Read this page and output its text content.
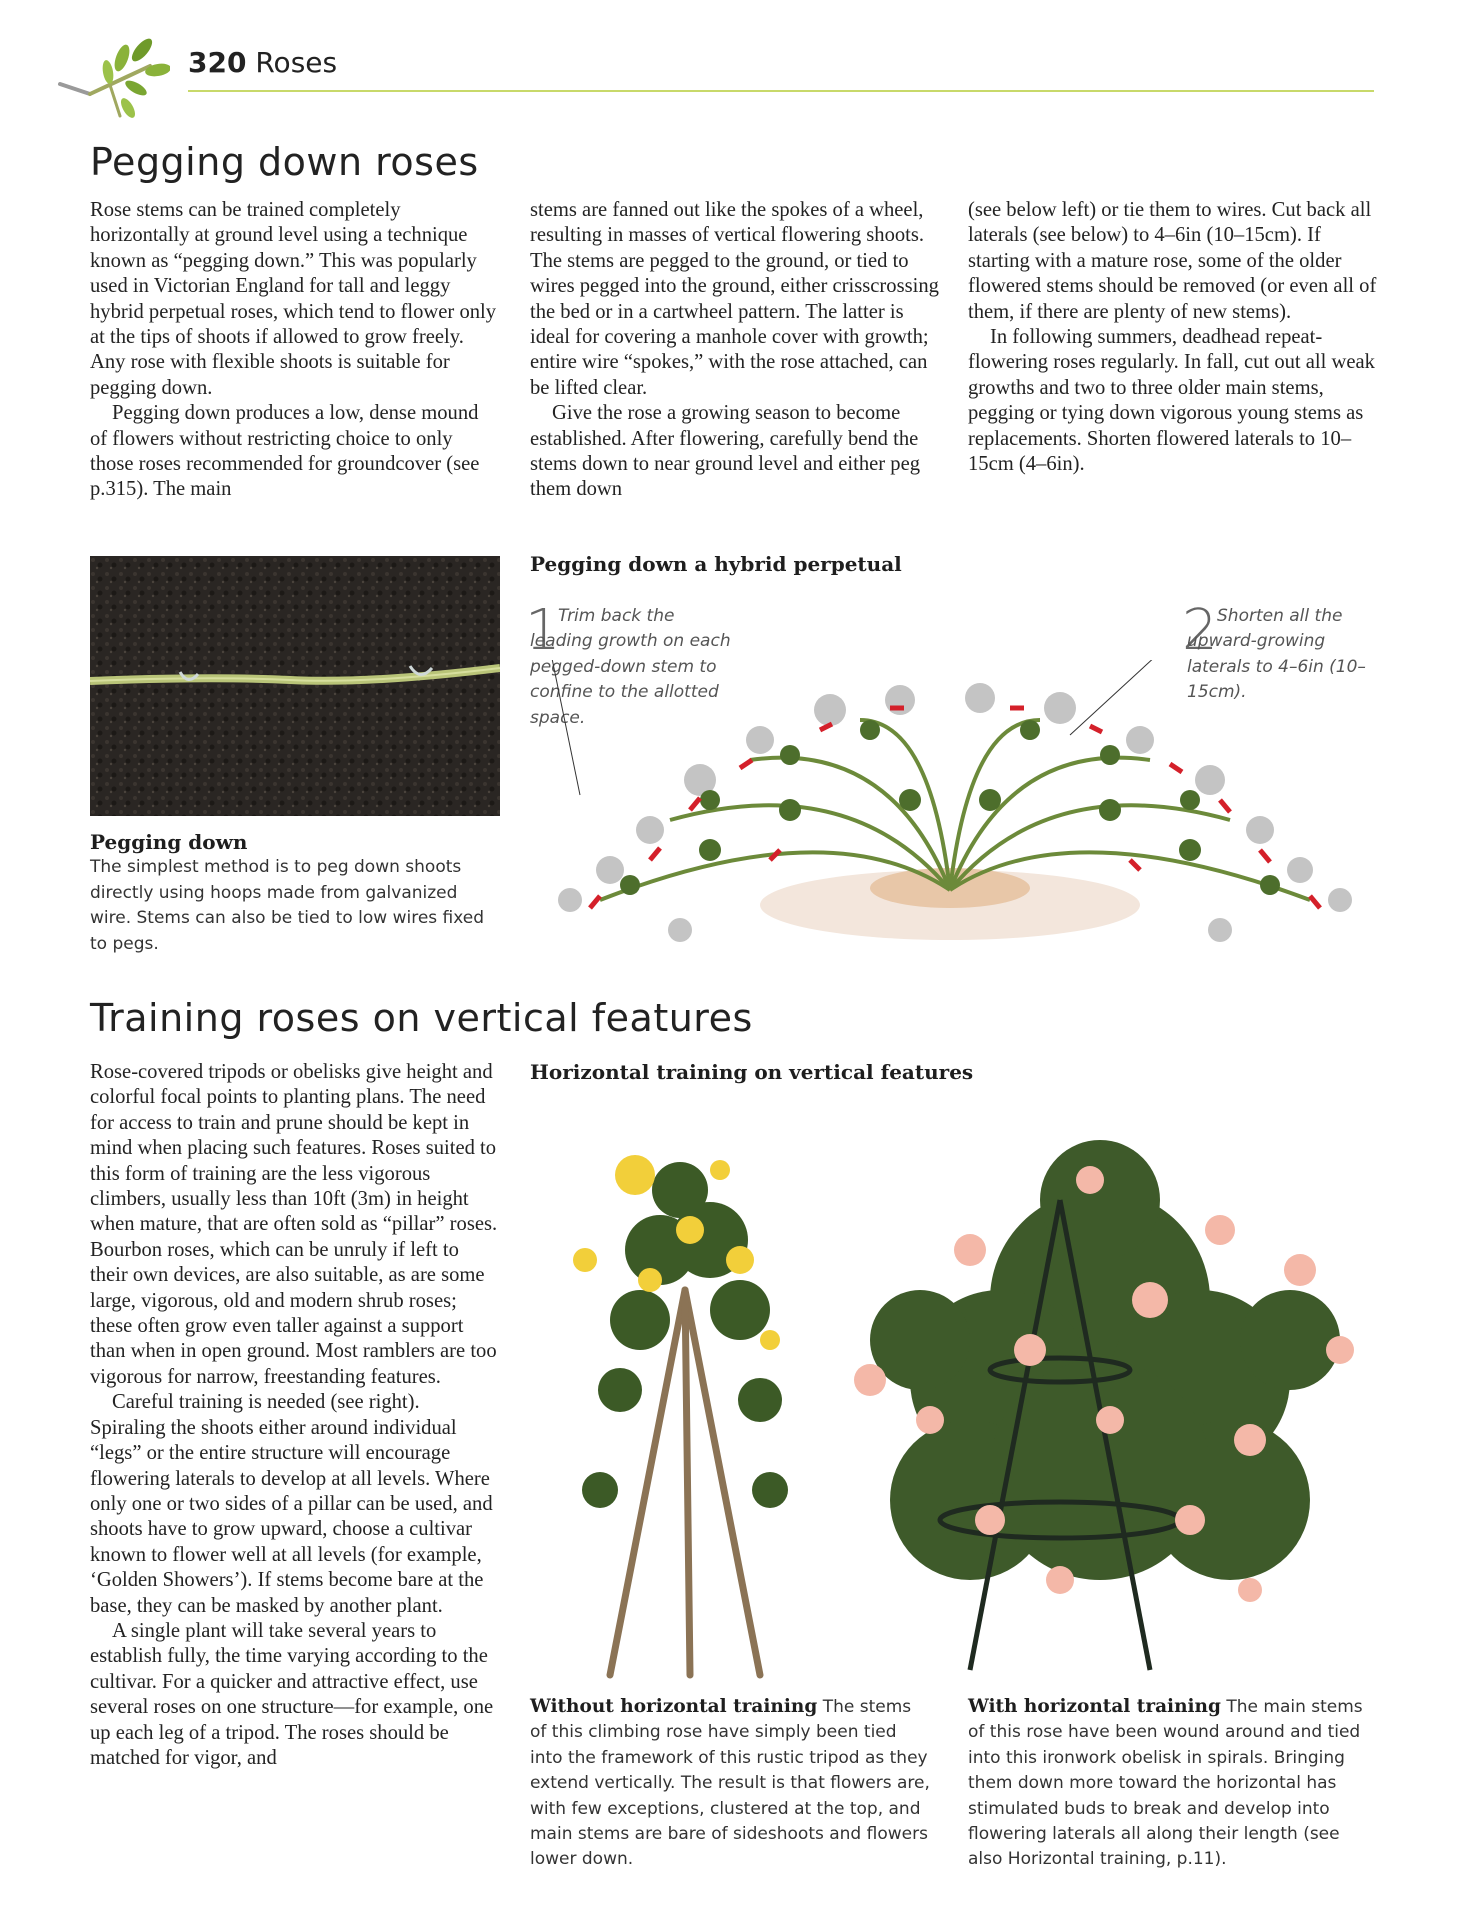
320 Roses
Pegging down roses

Rose stems can be trained completely horizontally at ground level using a technique known as “pegging down.” This was popularly used in Victorian England for tall and leggy hybrid perpetual roses, which tend to flower only at the tips of shoots if allowed to grow freely. Any rose with flexible shoots is suitable for pegging down.

Pegging down produces a low, dense mound of flowers without restricting choice to only those roses recommended for groundcover (see p.315). The main

stems are fanned out like the spokes of a wheel, resulting in masses of vertical flowering shoots. The stems are pegged to the ground, or tied to wires pegged into the ground, either crisscrossing the bed or in a cartwheel pattern. The latter is ideal for covering a manhole cover with growth; entire wire “spokes,” with the rose attached, can be lifted clear.

Give the rose a growing season to become established. After flowering, carefully bend the stems down to near ground level and either peg them down

(see below left) or tie them to wires. Cut back all laterals (see below) to 4–6in (10–15cm). If starting with a mature rose, some of the older flowered stems should be removed (or even all of them, if there are plenty of new stems).

In following summers, deadhead repeat-flowering roses regularly. In fall, cut out all weak growths and two to three older main stems, pegging or tying down vigorous young stems as replacements. Shorten flowered laterals to 10–15cm (4–6in).

Pegging down
The simplest method is to peg down shoots directly using hoops made from galvanized wire. Stems can also be tied to low wires fixed to pegs.
Pegging down a hybrid perpetual
1
Trim back the leading growth on each pegged-down stem to confine to the allotted space.
2 Shorten all the upward-growing laterals to 4–6in (10–15cm).
Training roses on vertical features

Rose-covered tripods or obelisks give height and colorful focal points to planting plans. The need for access to train and prune should be kept in mind when placing such features. Roses suited to this form of training are the less vigorous climbers, usually less than 10ft (3m) in height when mature, that are often sold as “pillar” roses. Bourbon roses, which can be unruly if left to their own devices, are also suitable, as are some large, vigorous, old and modern shrub roses; these often grow even taller against a support than when in open ground. Most ramblers are too vigorous for narrow, freestanding features.

Careful training is needed (see right). Spiraling the shoots either around individual “legs” or the entire structure will encourage flowering laterals to develop at all levels. Where only one or two sides of a pillar can be used, and shoots have to grow upward, choose a cultivar known to flower well at all levels (for example, ‘Golden Showers’). If stems become bare at the base, they can be masked by another plant.

A single plant will take several years to establish fully, the time varying according to the cultivar. For a quicker and attractive effect, use several roses on one structure—for example, one up each leg of a tripod. The roses should be matched for vigor, and

Horizontal training on vertical features
Without horizontal training The stems of this climbing rose have simply been tied into the framework of this rustic tripod as they extend vertically. The result is that flowers are, with few exceptions, clustered at the top, and main stems are bare of sideshoots and flowers lower down.
With horizontal training The main stems of this rose have been wound around and tied into this ironwork obelisk in spirals. Bringing them down more toward the horizontal has stimulated buds to break and develop into flowering laterals all along their length (see also Horizontal training, p.11).
